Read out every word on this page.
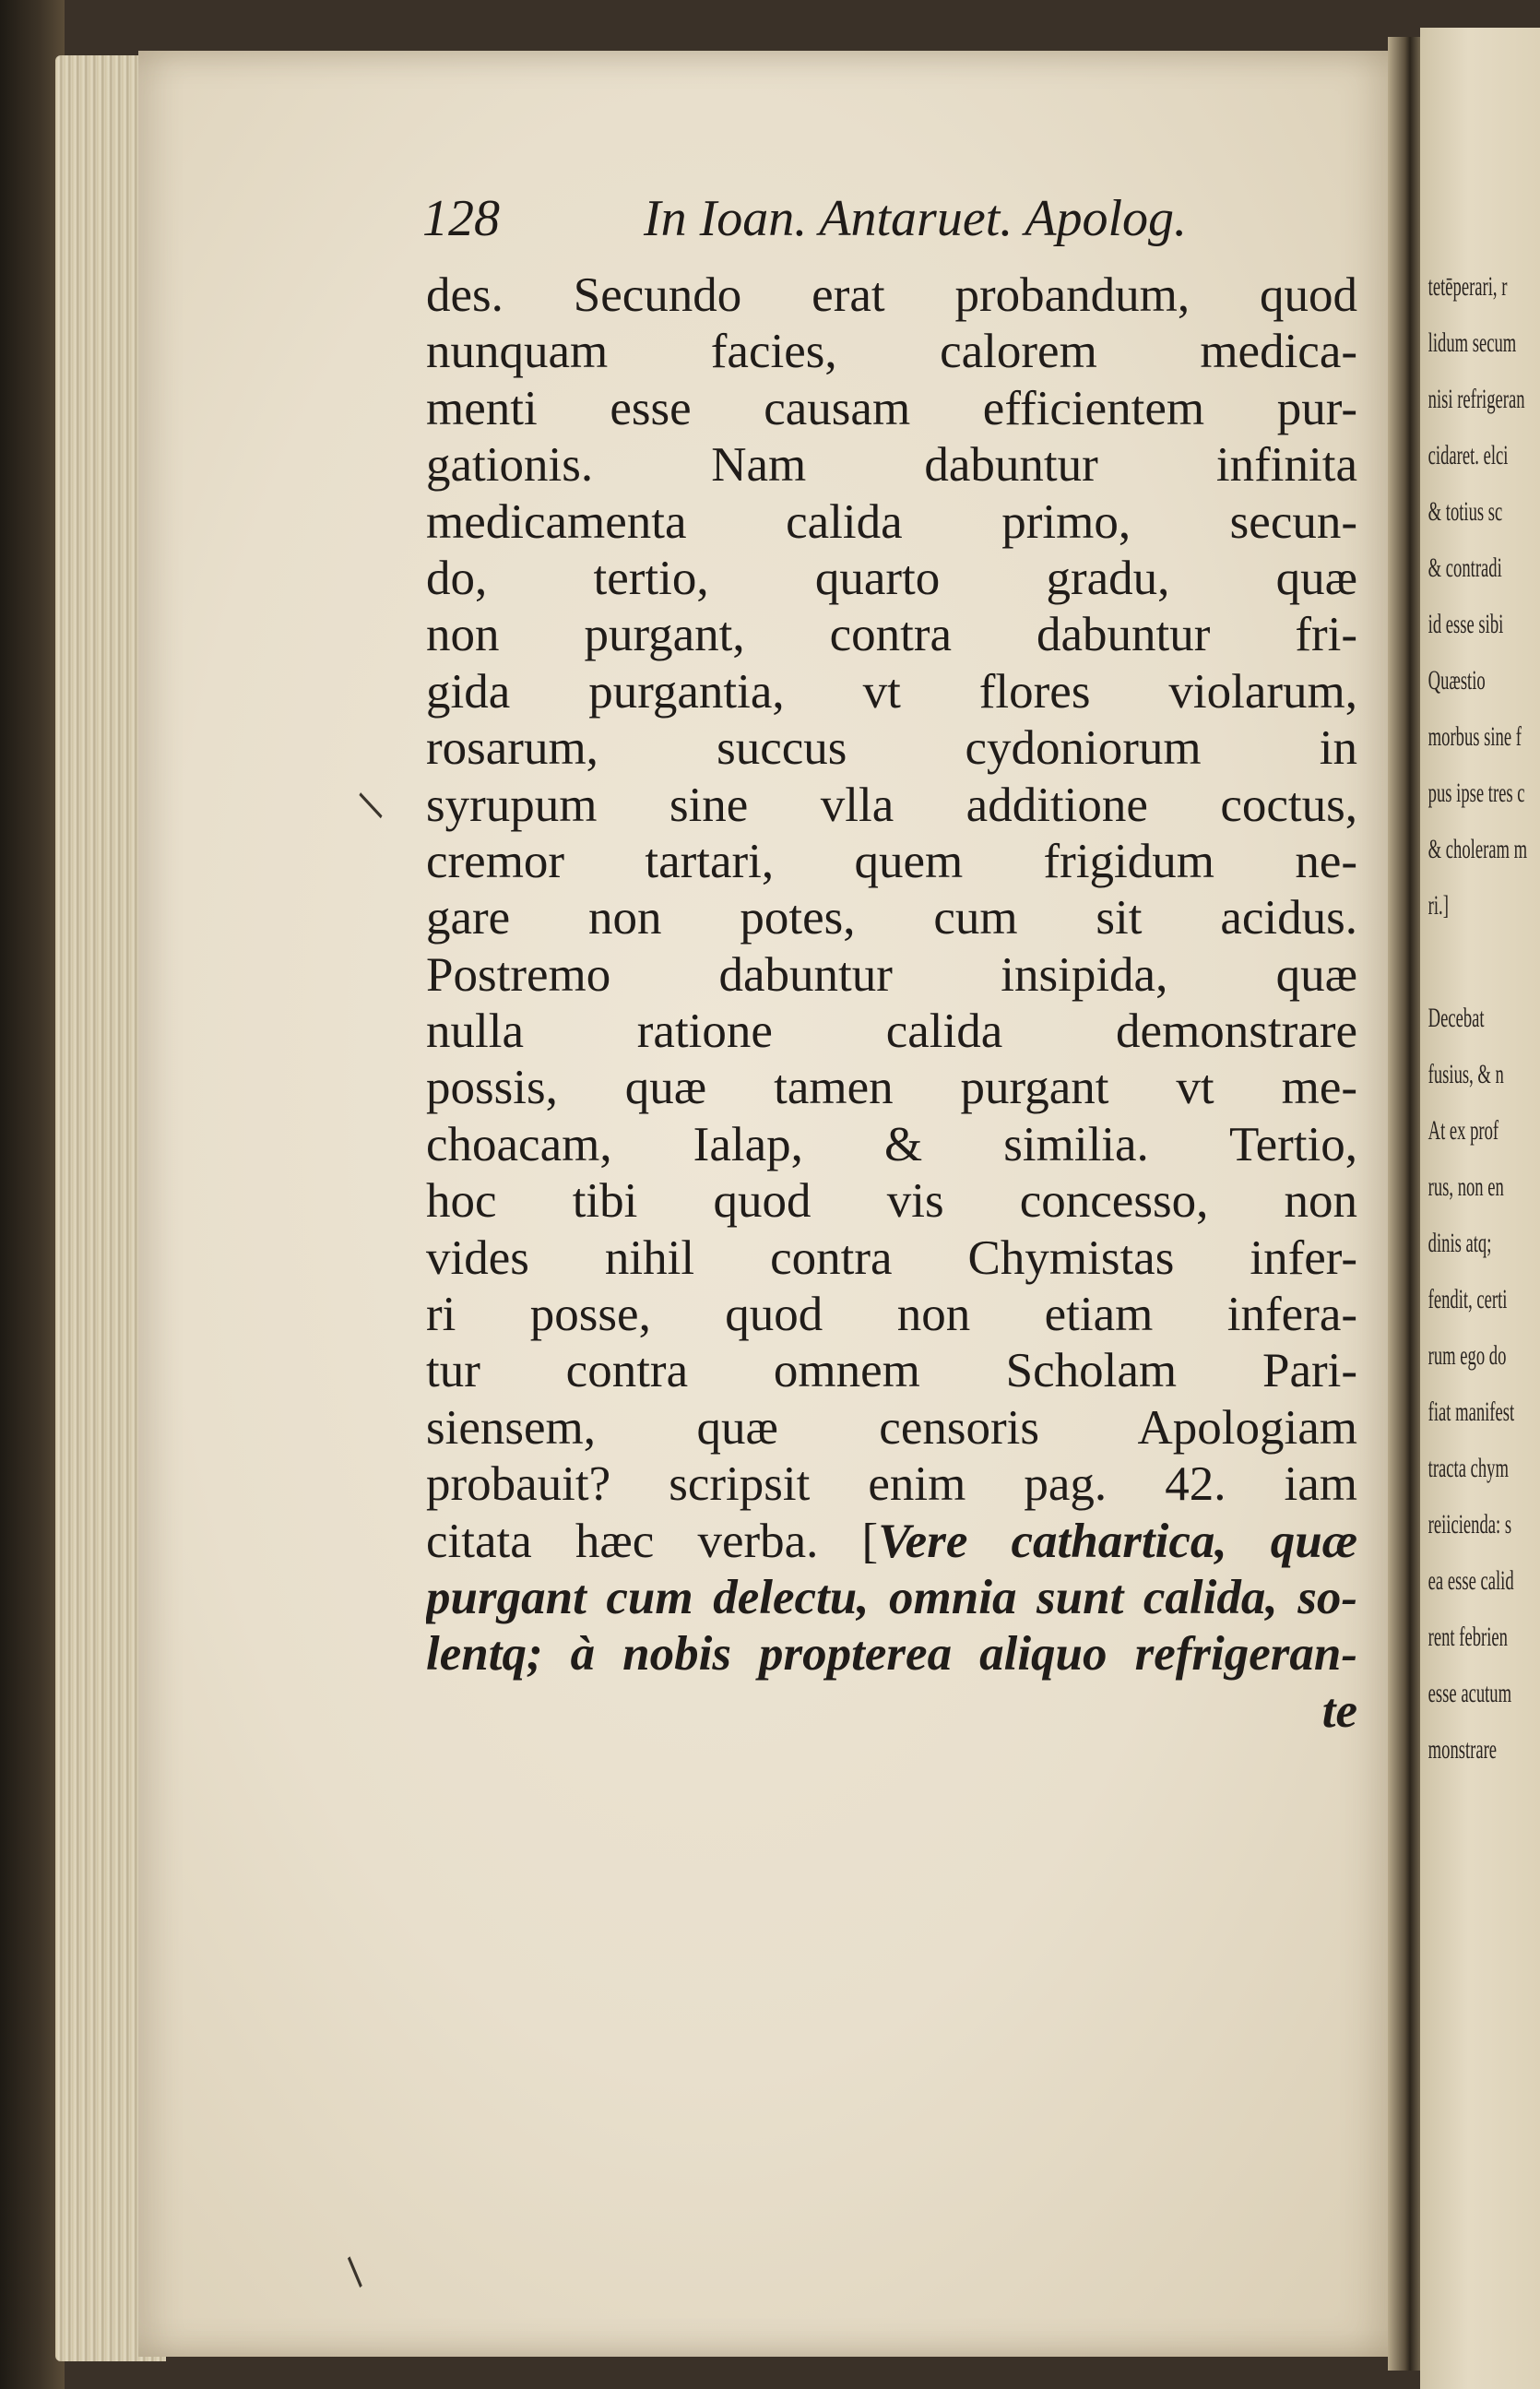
128	In Ioan. Antaruet. Apolog.
des. Secundo erat probandum, quod
nunquam facies, calorem medica-
menti esse causam efficientem pur-
gationis. Nam dabuntur infinita
medicamenta calida primo, secun-
do, tertio, quarto gradu, quæ
non purgant, contra dabuntur fri-
gida purgantia, vt flores violarum,
rosarum, succus cydoniorum in
syrupum sine vlla additione coctus,
cremor tartari, quem frigidum ne-
gare non potes, cum sit acidus.
Postremo dabuntur insipida, quæ
nulla ratione calida demonstrare
possis, quæ tamen purgant vt me-
choacam, Ialap, & similia. Tertio,
hoc tibi quod vis concesso, non
vides nihil contra Chymistas infer-
ri posse, quod non etiam infera-
tur contra omnem Scholam Pari-
siensem, quæ censoris Apologiam
probauit? scripsit enim pag. 42. iam
citata hæc verba. [Vere cathartica, quæ
purgant cum delectu, omnia sunt calida, so-
lentq; à nobis propterea aliquo refrigeran-
te
tetēperari, r
lidum secum
nisi refrigeran
cidaret. elci
& totius sc
& contradi
id esse sibi
Quæstio
morbus sine f
pus ipse tres c
& choleram m
ri.]
Decebat
fusius, & n
At ex prof
rus, non en
dinis atq;
fendit, certi
rum ego do
fiat manifest
tracta chym
reiicienda: s
ea esse calid
rent febrien
esse acutum
monstrare
/
/
